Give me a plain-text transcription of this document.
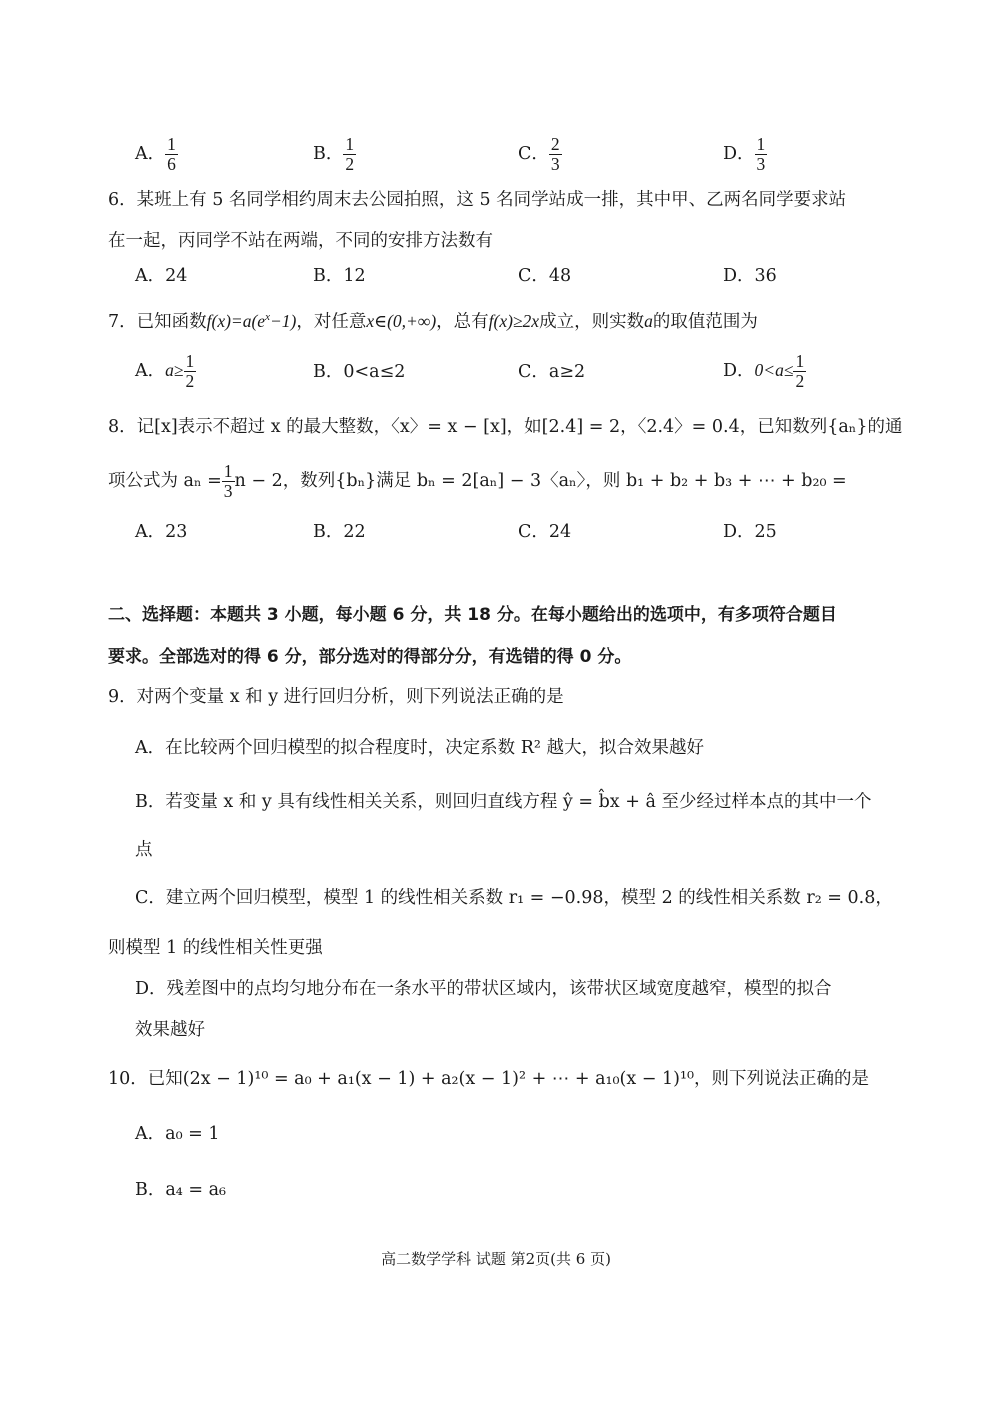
A． $\frac{1}{6}$	B． $\frac{1}{2}$	C． $\frac{2}{3}$	D． $\frac{1}{3}$
6．某班上有 5 名同学相约周末去公园拍照，这 5 名同学站成一排，其中甲、乙两名同学要求站
在一起，丙同学不站在两端，不同的安排方法数有
A．24	B．12	C．48	D．36
7．已知函数$f(x)=a(e^x-1)$，对任意x∈(0,+∞)，总有f(x)≥2x成立，则实数a的取值范围为
A．$a\ge \frac{1}{2}$	B．0<a≤2	C．a≥2	D．$0<a\le \frac{1}{2}$
8．记[x]表示不超过 x 的最大整数，〈x〉= x − [x]，如[2.4] = 2，〈2.4〉= 0.4，已知数列{aₙ}的通
项公式为 $a_n = \frac{1}{3}$ n − 2，数列{bₙ}满足 bₙ = 2[aₙ] − 3〈aₙ〉，则 b₁ + b₂ + b₃ + ⋯ + b₂₀ =
A．23	B．22	C．24	D．25
二、选择题：本题共 3 小题，每小题 6 分，共 18 分。在每小题给出的选项中，有多项符合题目
要求。全部选对的得 6 分，部分选对的得部分分，有选错的得 0 分。
9．对两个变量 x 和 y 进行回归分析，则下列说法正确的是
A．在比较两个回归模型的拟合程度时，决定系数 R² 越大，拟合效果越好
B．若变量 x 和 y 具有线性相关关系，则回归直线方程 ŷ = b̂x + â 至少经过样本点的其中一个
点
C．建立两个回归模型，模型 1 的线性相关系数 r₁ = −0.98，模型 2 的线性相关系数 r₂ = 0.8，
则模型 1 的线性相关性更强
D．残差图中的点均匀地分布在一条水平的带状区域内，该带状区域宽度越窄，模型的拟合
效果越好
10．已知(2x − 1)¹⁰ = a₀ + a₁(x − 1) + a₂(x − 1)² + ⋯ + a₁₀(x − 1)¹⁰，则下列说法正确的是
A．a₀ = 1
B．a₄ = a₆
高二数学学科 试题 第2页(共 6 页)
